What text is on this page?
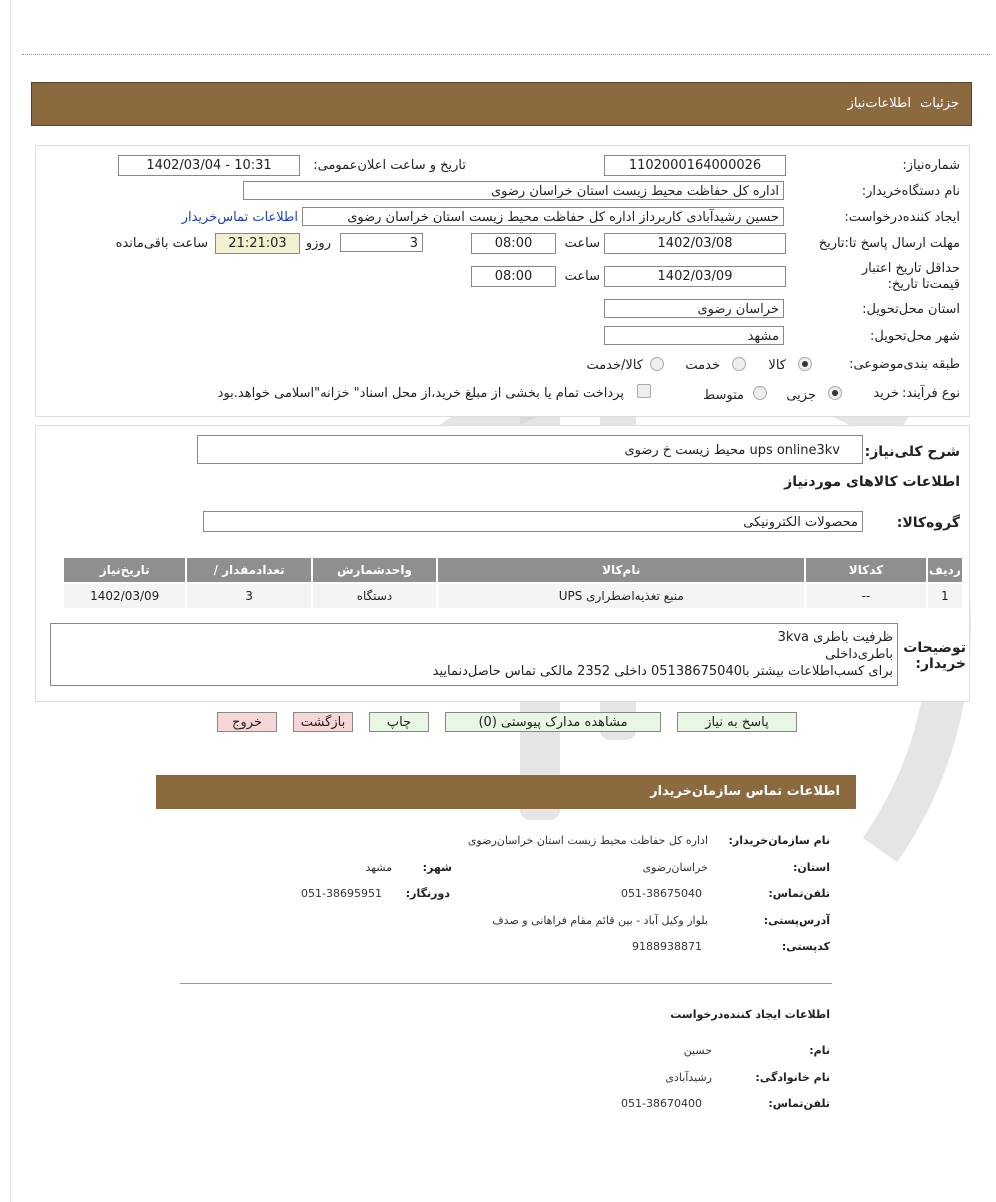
جزئیات
اطلاعات‌نیاز
شماره‌نیاز:
1102000164000026
تاریخ و ساعت اعلان‌عمومی:
1402/03/04 - 10:31
نام دستگاه‌خریدار:
اداره کل حفاظت محیط زیست استان خراسان رضوی
ایجاد کننده‌درخواست:
حسین رشیدآبادی کاربرداز اداره کل حفاظت محیط زیست استان خراسان رضوی
اطلاعات تماس‌خریدار
مهلت ارسال پاسخ تا:تاریخ
1402/03/08
ساعت
08:00
3
روزو
21:21:03
ساعت باقی‌مانده
حداقل تاریخ اعتبار قیمت‌تا تاریخ:
1402/03/09
ساعت
08:00
استان محل‌تحویل:
خراسان رضوی
شهر محل‌تحویل:
مشهد
طبقه بندی‌موضوعی:
کالا
خدمت
کالا/خدمت
نوع فرآیند:
خرید
جزیی
متوسط
پرداخت تمام یا بخشی از مبلغ خرید،از محل اسناد" خزانه"اسلامی خواهد.بود
شرح کلی‌نیاز:
ups online3kv محیط زیست خ رضوی
اطلاعات کالاهای موردنیاز
گروه‌کالا:
محصولات الکترونیکی
ردیف	کدکالا	نام‌کالا	واحدشمارش	تعدادمقدار /	تاریخ‌نیاز
1	--	منبع تغذیه‌اضطراری UPS	دستگاه	3	1402/03/09
توضیحات خریدار:
ظرفیت باطری 3kva
باطری‌داخلی
برای کسب‌اطلاعات بیشتر با05138675040 داخلی 2352 مالکی تماس حاصل‌دنمایید
پاسخ به نیاز
مشاهده مدارک پیوستی (0)
چاپ
بازگشت
خروج
اطلاعات تماس سازمان‌خریدار
نام سازمان‌خریدار:
اداره کل حفاظت محیط زیست استان خراسان‌رضوی
استان:
خراسان‌رضوی
شهر:
مشهد
تلفن‌تماس:
051-38675040
دورنگار:
051-38695951
آدرس‌پستی:
بلوار وکیل آباد - بین قائم مقام فراهانی و صدف
کدپستی:
9188938871
اطلاعات ایجاد کننده‌درخواست
نام:
حسین
نام خانوادگی:
رشیدآبادی
تلفن‌تماس:
051-38670400
